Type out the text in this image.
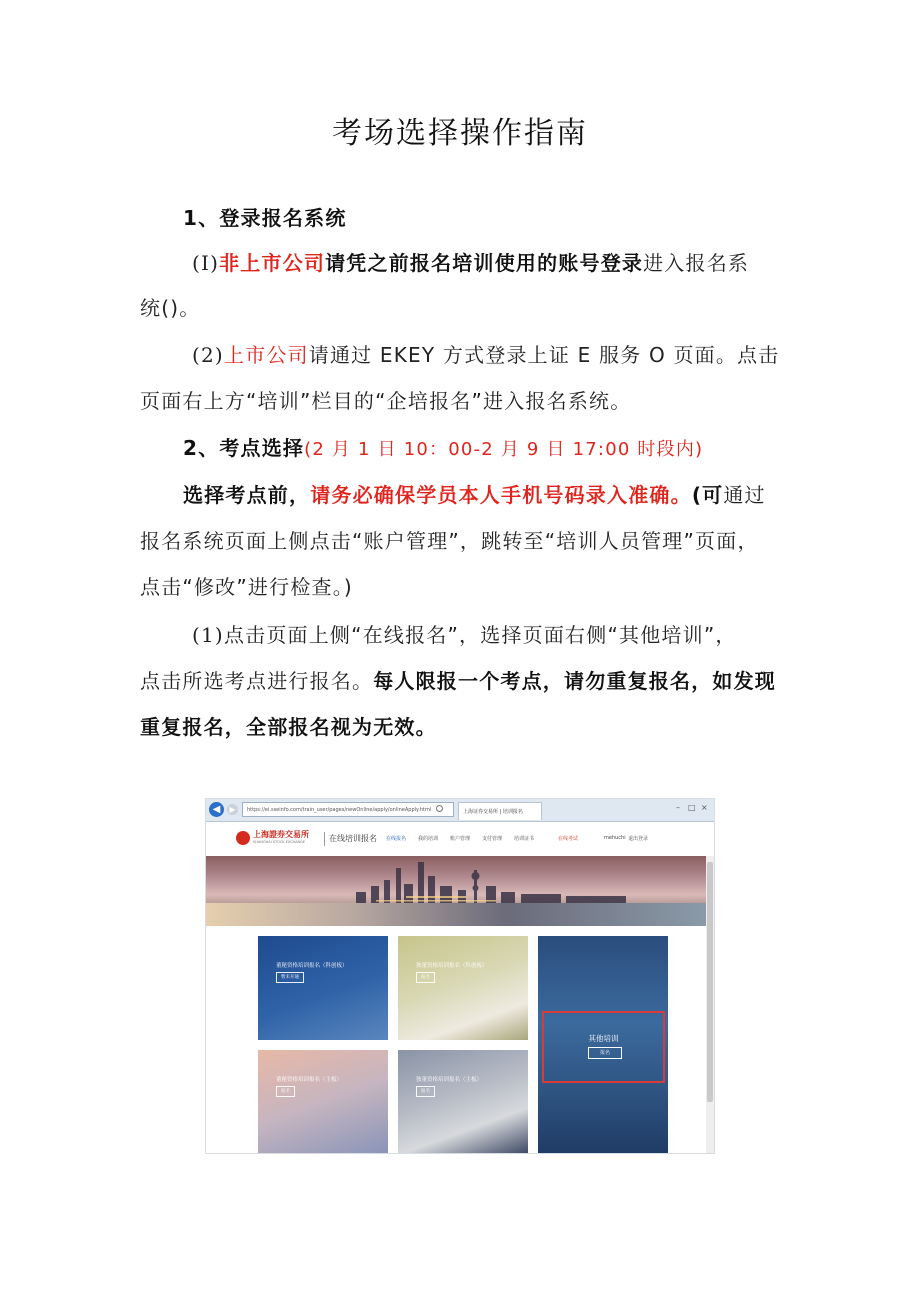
考场选择操作指南
1、登录报名系统
(I)非上市公司请凭之前报名培训使用的账号登录进入报名系
统()。
(2)上市公司请通过 EKEY 方式登录上证 E 服务 O 页面。点击
页面右上方“培训”栏目的“企培报名”进入报名系统。
2、考点选择(2 月 1 日 10：00-2 月 9 日 17:00 时段内)
选择考点前，请务必确保学员本人手机号码录入准确。(可通过
报名系统页面上侧点击“账户管理”，跳转至“培训人员管理”页面，
点击“修改”进行检查。)
(1)点击页面上侧“在线报名”，选择页面右侧“其他培训”，
点击所选考点进行报名。每人限报一个考点，请勿重复报名，如发现
重复报名，全部报名视为无效。
◀	▶	https://ei.sseinfo.com/train_user/pages/newOnline/apply/onlineApply.html	上海证券交易所 | 培训报名	– □ ×
上海證券交易所
SHANGHAI STOCK EXCHANGE	在线培训报名 在线报名 我的培训 账户管理 支付管理 培训证书	在线考试	mehuchi 退出登录
董秘资格培训报名（科创板）
暂未开通
独董资格培训报名（科创板）
报名
其他培训
报名
董秘资格培训报名（主板）
报名
独董资格培训报名（主板）
报名
